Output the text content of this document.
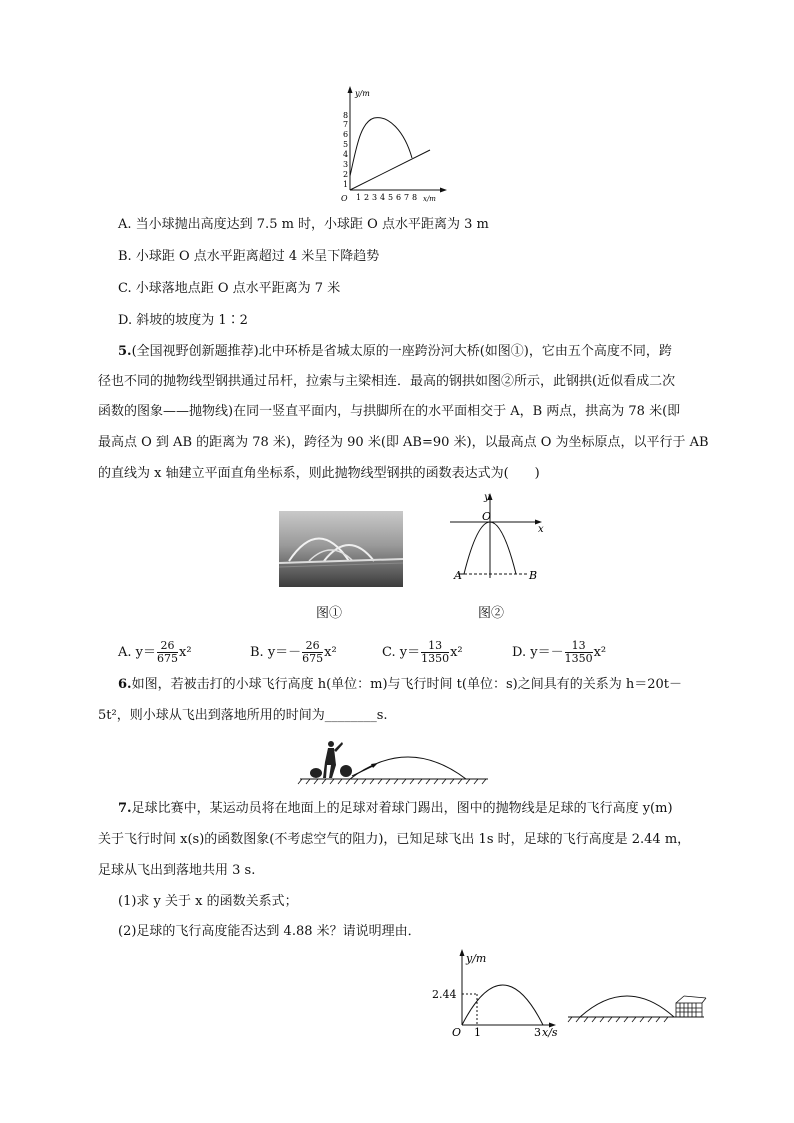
y/m
x/m
O
1
2
3
4
5
6
7
8
1 2 3 4 5 6 7 8
A. 当小球抛出高度达到 7.5 m 时，小球距 O 点水平距离为 3 m
B. 小球距 O 点水平距离超过 4 米呈下降趋势
C. 小球落地点距 O 点水平距离为 7 米
D. 斜坡的坡度为 1∶2
5.(全国视野创新题推荐)北中环桥是省城太原的一座跨汾河大桥(如图①)，它由五个高度不同，跨
径也不同的抛物线型钢拱通过吊杆，拉索与主梁相连．最高的钢拱如图②所示，此钢拱(近似看成二次
函数的图象——抛物线)在同一竖直平面内，与拱脚所在的水平面相交于 A，B 两点，拱高为 78 米(即
最高点 O 到 AB 的距离为 78 米)，跨径为 90 米(即 AB=90 米)，以最高点 O 为坐标原点，以平行于 AB
的直线为 x 轴建立平面直角坐标系，则此抛物线型钢拱的函数表达式为(　　)
图①
y
x
O
A	B
图②
A. $y= \frac{26}{675} x^2$	B. $y=- \frac{26}{675} x^2$	C. $y= \frac{13}{1350} x^2$	D. $y=- \frac{13}{1350} x^2$
6.如图，若被击打的小球飞行高度 h(单位：m)与飞行时间 t(单位：s)之间具有的关系为 h＝20t－
5t²，则小球从飞出到落地所用的时间为________s.
7.足球比赛中，某运动员将在地面上的足球对着球门踢出，图中的抛物线是足球的飞行高度 y(m)
关于飞行时间 x(s)的函数图象(不考虑空气的阻力)，已知足球飞出 1s 时，足球的飞行高度是 2.44 m，
足球从飞出到落地共用 3 s.
(1)求 y 关于 x 的函数关系式；
(2)足球的飞行高度能否达到 4.88 米？请说明理由．
y/m
2.44
O 1	3 x/s
